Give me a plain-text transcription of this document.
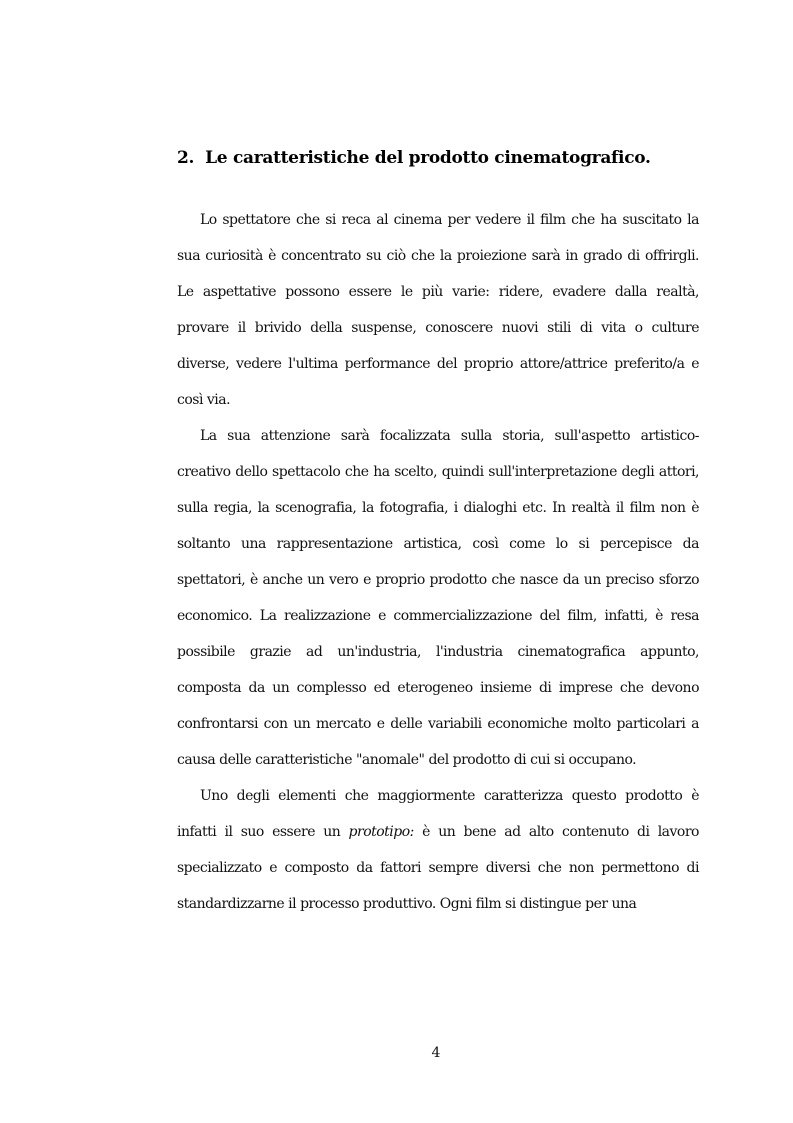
2. Le caratteristiche del prodotto cinematografico.

Lo spettatore che si reca al cinema per vedere il film che ha suscitato la sua curiosità è concentrato su ciò che la proiezione sarà in grado di offrirgli. Le aspettative possono essere le più varie: ridere, evadere dalla realtà, provare il brivido della suspense, conoscere nuovi stili di vita o culture diverse, vedere l'ultima performance del proprio attore/attrice preferito/a e così via.

La sua attenzione sarà focalizzata sulla storia, sull'aspetto artistico-creativo dello spettacolo che ha scelto, quindi sull'interpretazione degli attori, sulla regia, la scenografia, la fotografia, i dialoghi etc. In realtà il film non è soltanto una rappresentazione artistica, così come lo si percepisce da spettatori, è anche un vero e proprio prodotto che nasce da un preciso sforzo economico. La realizzazione e commercializzazione del film, infatti, è resa possibile grazie ad un'industria, l'industria cinematografica appunto, composta da un complesso ed eterogeneo insieme di imprese che devono confrontarsi con un mercato e delle variabili economiche molto particolari a causa delle caratteristiche "anomale" del prodotto di cui si occupano.

Uno degli elementi che maggiormente caratterizza questo prodotto è infatti il suo essere un prototipo: è un bene ad alto contenuto di lavoro specializzato e composto da fattori sempre diversi che non permettono di standardizzarne il processo produttivo. Ogni film si distingue per una

4
